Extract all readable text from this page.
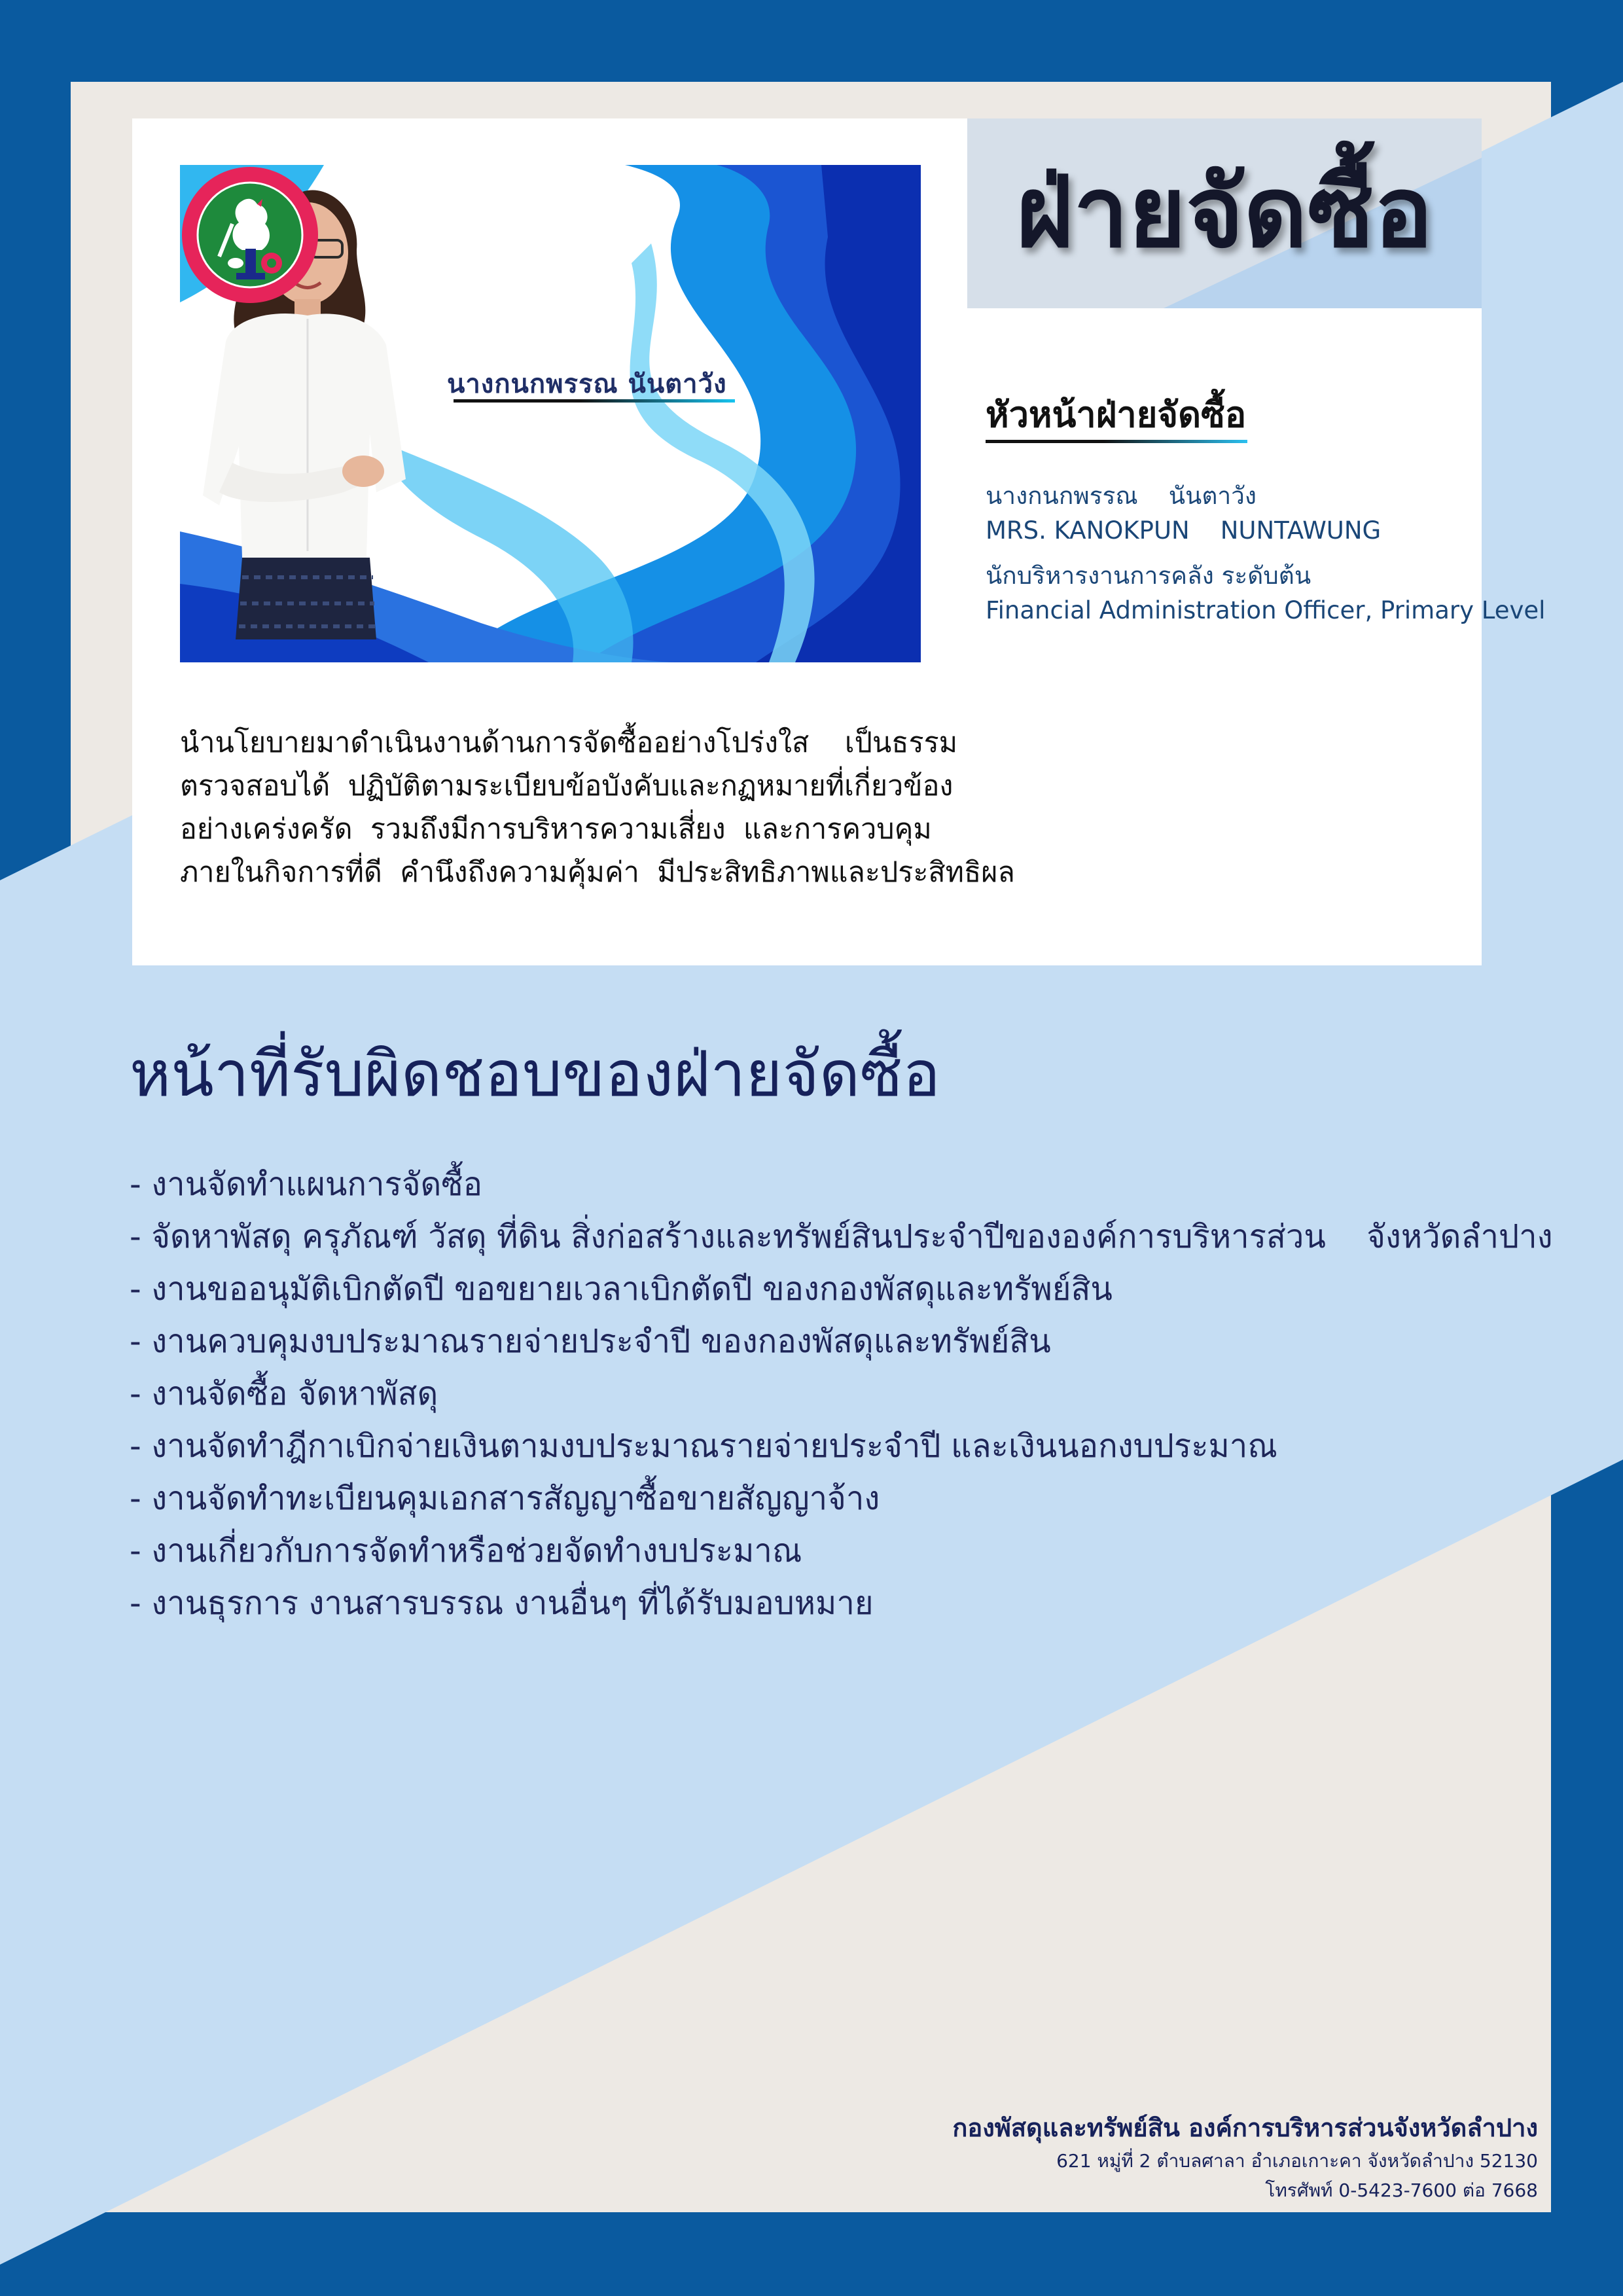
นางกนกพรรณ นันตาวัง
ฝ่ายจัดซื้อ
หัวหน้าฝ่ายจัดซื้อ
นางกนกพรรณ    นันตาวัง
MRS. KANOKPUN    NUNTAWUNG
นักบริหารงานการคลัง ระดับต้น
Financial Administration Officer, Primary Level
นำนโยบายมาดำเนินงานด้านการจัดซื้ออย่างโปร่งใส    เป็นธรรม
ตรวจสอบได้  ปฏิบัติตามระเบียบข้อบังคับและกฏหมายที่เกี่ยวข้อง
อย่างเคร่งครัด  รวมถึงมีการบริหารความเสี่ยง  และการควบคุม
ภายในกิจการที่ดี  คำนึงถึงความคุ้มค่า  มีประสิทธิภาพและประสิทธิผล
หน้าที่รับผิดชอบของฝ่ายจัดซื้อ
- งานจัดทำแผนการจัดซื้อ
- จัดหาพัสดุ ครุภัณฑ์ วัสดุ ที่ดิน สิ่งก่อสร้างและทรัพย์สินประจำปีขององค์การบริหารส่วน    จังหวัดลำปาง
- งานขออนุมัติเบิกตัดปี ขอขยายเวลาเบิกตัดปี ของกองพัสดุและทรัพย์สิน
- งานควบคุมงบประมาณรายจ่ายประจำปี ของกองพัสดุและทรัพย์สิน
- งานจัดซื้อ จัดหาพัสดุ
- งานจัดทำฎีกาเบิกจ่ายเงินตามงบประมาณรายจ่ายประจำปี และเงินนอกงบประมาณ
- งานจัดทำทะเบียนคุมเอกสารสัญญาซื้อขายสัญญาจ้าง
- งานเกี่ยวกับการจัดทำหรือช่วยจัดทำงบประมาณ
- งานธุรการ งานสารบรรณ งานอื่นๆ ที่ได้รับมอบหมาย
กองพัสดุและทรัพย์สิน องค์การบริหารส่วนจังหวัดลำปาง
621 หมู่ที่ 2 ตำบลศาลา อำเภอเกาะคา จังหวัดลำปาง 52130
โทรศัพท์ 0-5423-7600 ต่อ 7668
